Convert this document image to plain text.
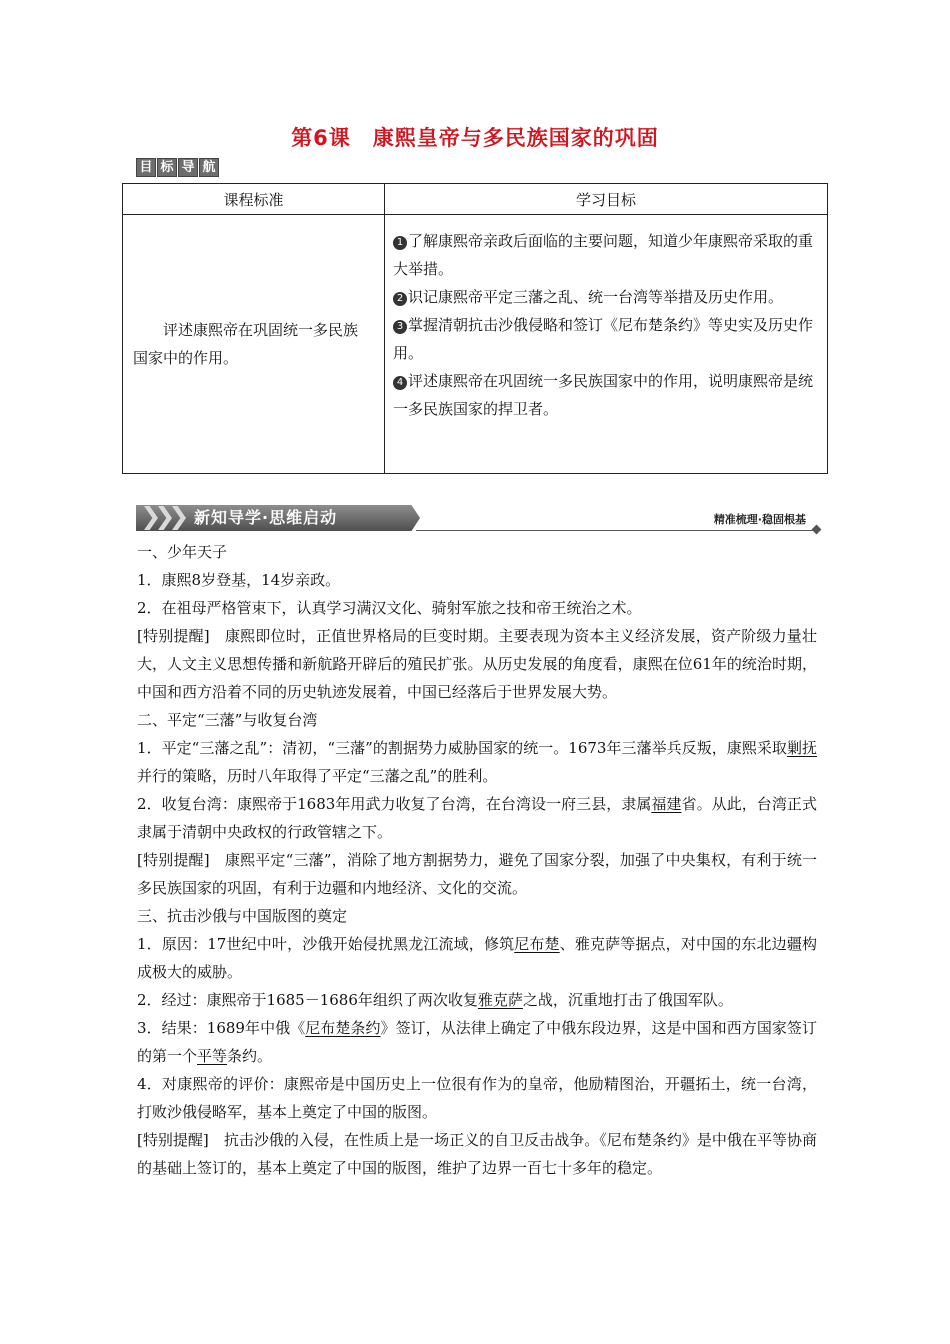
第6课　康熙皇帝与多民族国家的巩固
目 标 导 航
课程标准	学习目标
评述康熙帝在巩固统一多民族国家中的作用。	1 了解康熙帝亲政后面临的主要问题，知道少年康熙帝采取的重大举措。
2 识记康熙帝平定三藩之乱、统一台湾等举措及历史作用。
3 掌握清朝抗击沙俄侵略和签订《尼布楚条约》等史实及历史作用。
4 评述康熙帝在巩固统一多民族国家中的作用，说明康熙帝是统一多民族国家的捍卫者。
新知导学·思维启动	精准梳理·稳固根基

一、少年天子

1．康熙8岁登基，14岁亲政。

2．在祖母严格管束下，认真学习满汉文化、骑射军旅之技和帝王统治之术。

[特别提醒]　康熙即位时，正值世界格局的巨变时期。主要表现为资本主义经济发展，资产阶级力量壮大，人文主义思想传播和新航路开辟后的殖民扩张。从历史发展的角度看，康熙在位61年的统治时期，中国和西方沿着不同的历史轨迹发展着，中国已经落后于世界发展大势。

二、平定“三藩”与收复台湾

1．平定“三藩之乱”：清初，“三藩”的割据势力威胁国家的统一。1673年三藩举兵反叛，康熙采取剿抚并行的策略，历时八年取得了平定“三藩之乱”的胜利。

2．收复台湾：康熙帝于1683年用武力收复了台湾，在台湾设一府三县，隶属福建省。从此，台湾正式隶属于清朝中央政权的行政管辖之下。

[特别提醒]　康熙平定“三藩”，消除了地方割据势力，避免了国家分裂，加强了中央集权，有利于统一多民族国家的巩固，有利于边疆和内地经济、文化的交流。

三、抗击沙俄与中国版图的奠定

1．原因：17世纪中叶，沙俄开始侵扰黑龙江流域，修筑尼布楚、雅克萨等据点，对中国的东北边疆构成极大的威胁。

2．经过：康熙帝于1685－1686年组织了两次收复雅克萨之战，沉重地打击了俄国军队。

3．结果：1689年中俄《尼布楚条约》签订，从法律上确定了中俄东段边界，这是中国和西方国家签订的第一个平等条约。

4．对康熙帝的评价：康熙帝是中国历史上一位很有作为的皇帝，他励精图治，开疆拓土，统一台湾，打败沙俄侵略军，基本上奠定了中国的版图。

[特别提醒]　抗击沙俄的入侵，在性质上是一场正义的自卫反击战争。《尼布楚条约》是中俄在平等协商的基础上签订的，基本上奠定了中国的版图，维护了边界一百七十多年的稳定。
